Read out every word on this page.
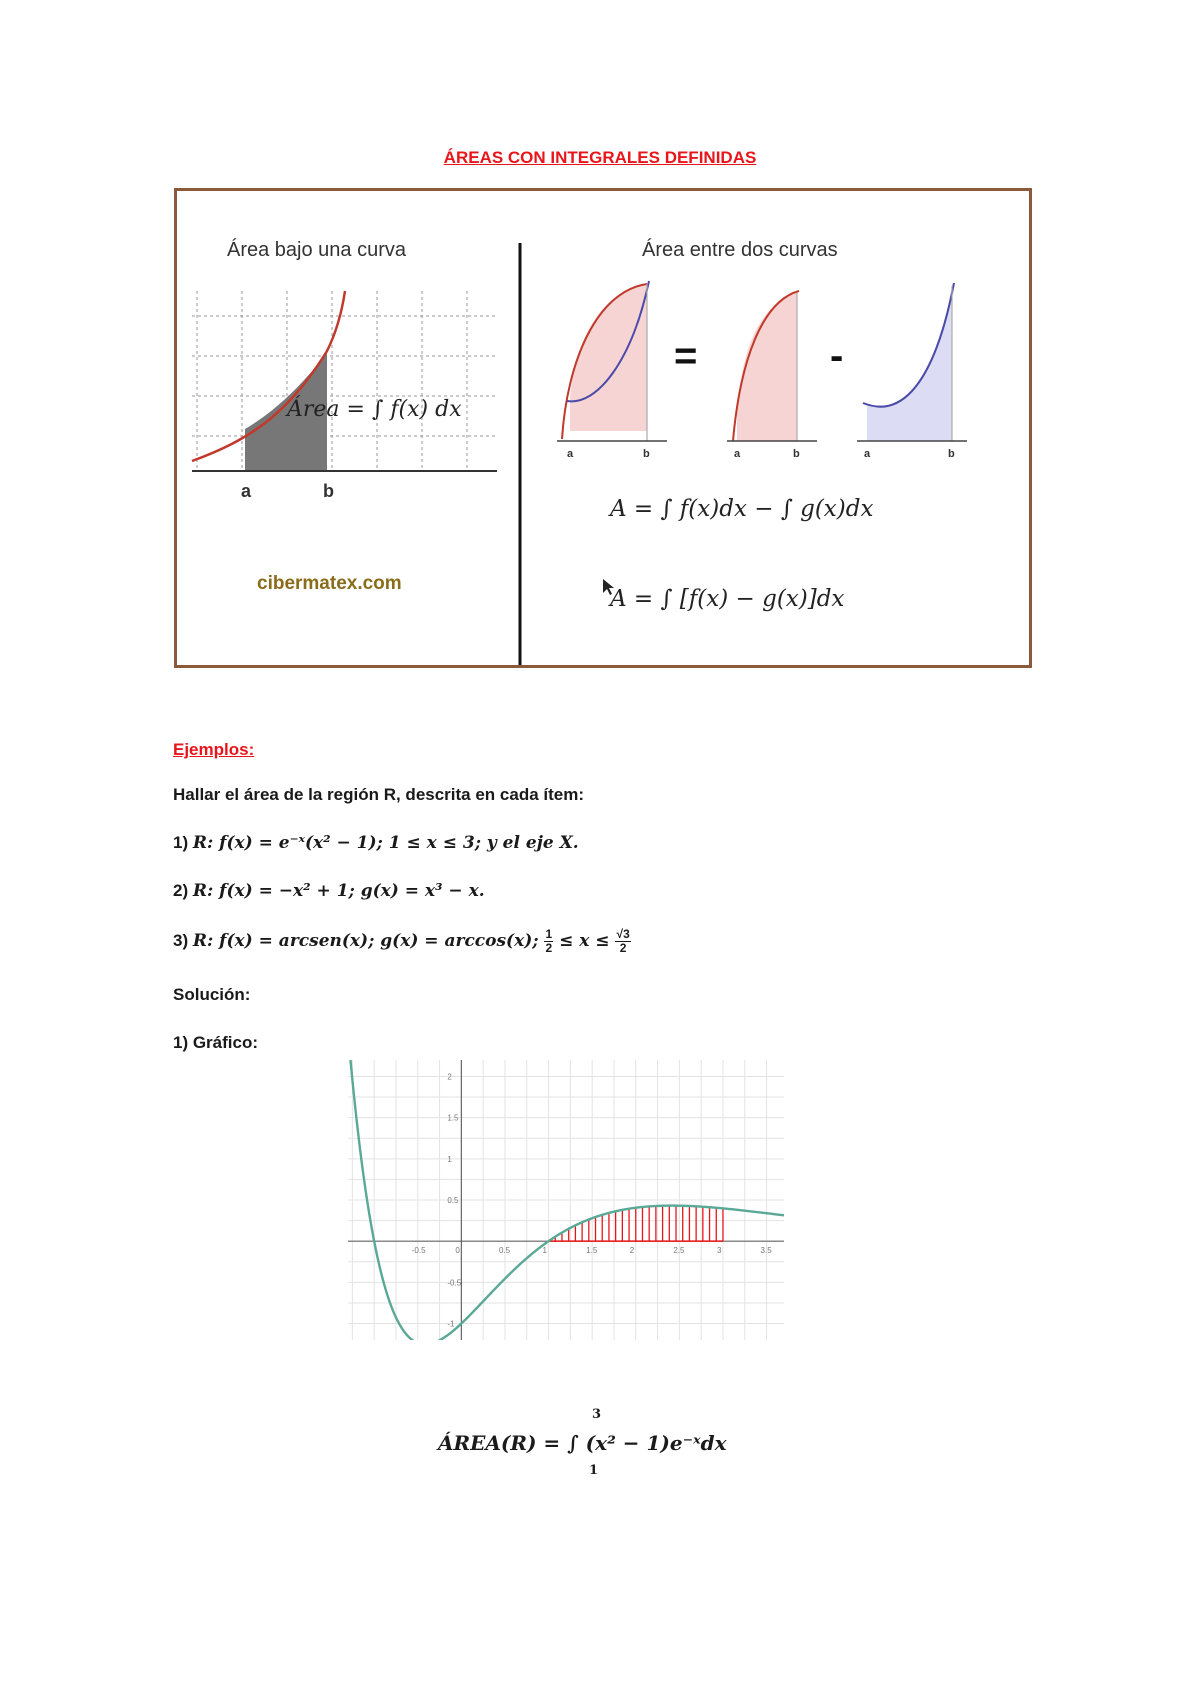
ÁREAS CON INTEGRALES DEFINIDAS
Área bajo una curva
a	b
Área = ∫ f(x) dx
cibermatex.com
Área entre dos curvas
a	b
=
a	b
-
a	b
A = ∫ f(x)dx − ∫ g(x)dx
A = ∫ [f(x) − g(x)]dx
Ejemplos:
Hallar el área de la región R, descrita en cada ítem:
1) R: f(x) = e⁻ˣ(x² − 1); 1 ≤ x ≤ 3; y el eje X.
2) R: f(x) = −x² + 1; g(x) = x³ − x.
3) R: f(x) = arcsen(x); g(x) = arccos(x); $\frac{1}{2} \le x \le \frac{√3}{2}$
Solución:
1) Gráfico:
-0.5	0	0.5	1	1.5	2	2.5	3	3.5
2
1.5
1
0.5
-0.5
-1
ÁREA(R) = ∫ (x² − 1)e⁻ˣdx
3
1
